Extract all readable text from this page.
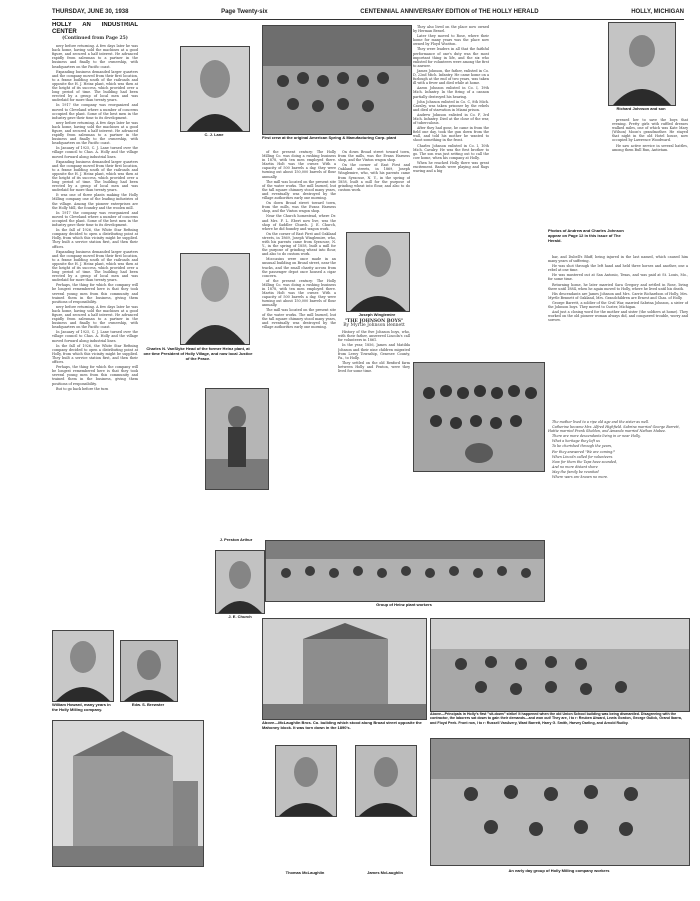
THURSDAY, JUNE 30, 1938	Page Twenty-six	CENTENNIAL ANNIVERSARY EDITION of THE HOLLY HERALD	HOLLY, MICHIGAN
HOLLY AN INDUSTRIAL CENTER
(Continued from Page 25)

nery before returning. A few days later he was back home, having sold the machines at a good figure, and secured a half interest. He advanced rapidly from salesman to a partner in the business and finally to the ownership, with headquarters on the Pacific coast.

Expanding business demanded larger quarters and the company moved from their first location, to a frame building south of the railroads and opposite the H. J. Heinz plant, which was then at the height of its success, which provided over a long period of time. The building had been erected by a group of local men and was underlaid for more than twenty years.

In 1917 the company was reorganized and moved to Cleveland where a number of concerns occupied the plant. Some of the best men in the industry gave their time to its development.

nery before returning. A few days later he was back home, having sold the machines at a good figure, and secured a half interest. He advanced rapidly from salesman to a partner in the business and finally to the ownership, with headquarters on the Pacific coast.

In January of 1925, C. J. Lane turned over the village council to Chas. A. Holly and the village moved forward along industrial lines.

Expanding business demanded larger quarters and the company moved from their first location, to a frame building south of the railroads and opposite the H. J. Heinz plant, which was then at the height of its success, which provided over a long period of time. The building had been erected by a group of local men and was underlaid for more than twenty years.

It was one of three plants making the Holly Milling company one of the leading industries of the village. Among the pioneer enterprises are the Holly Mill, the foundry and the woolen mill.

In 1917 the company was reorganized and moved to Cleveland where a number of concerns occupied the plant. Some of the best men in the industry gave their time to its development.

In the fall of 1926, the White Star Refining company decided to open a distributing point at Holly, from which this vicinity might be supplied. They built a service station first, and then their offices.

Expanding business demanded larger quarters and the company moved from their first location, to a frame building south of the railroads and opposite the H. J. Heinz plant, which was then at the height of its success, which provided over a long period of time. The building had been erected by a group of local men and was underlaid for more than twenty years.

Perhaps, the thing for which the company will be longest remembered here is that they took several young men from this community and trained them in the business, giving them positions of responsibility.

nery before returning. A few days later he was back home, having sold the machines at a good figure, and secured a half interest. He advanced rapidly from salesman to a partner in the business and finally to the ownership, with headquarters on the Pacific coast.

In January of 1925, C. J. Lane turned over the village council to Chas. A. Holly and the village moved forward along industrial lines.

In the fall of 1926, the White Star Refining company decided to open a distributing point at Holly, from which this vicinity might be supplied. They built a service station first, and then their offices.

Perhaps, the thing for which the company will be longest remembered here is that they took several young men from this community and trained them in the business, giving them positions of responsibility.

But to go back before the turn

C. J. Lane
Charles N. VanSlyke Head of the former Heinz plant, at one time President of Holly Village, and now local Justice of the Peace.
J. Preston Arthur
J. E. Church
William Howard, many years in the Holly Milling company.
Edw. S. Brewster
First crew at the original American Spring & Manufacturing Corp. plant

of the present century: The Holly Milling Co. was doing a rushing business in 1878, with ten men employed there. Martin Holt was the owner. With a capacity of 500 barrels a day, they were turning out about 150,000 barrels of flour annually.

The mill was located on the present site of the water works. The mill burned, but the tall square chimney stood many years, and eventually was destroyed by the village authorities early one morning.

On down Broad street toward town, from the mills, was the Evans Harness shop, and the Vinton wagon shop.

Near the Church homestead, where Dr. and Mrs. F. L. Ebert now live, was the shop of Saddler Church. J. E. Church, where he did foundry and wagon work.

On the corner of East First and Oakland streets, in 1869, Joseph Winglemire, who, with his parents came from Syracuse, N. Y., in the spring of 1858, built a mill for the purpose of grinding wheat into flour, and also to do custom work.

Moccasins were once made in an unusual building on Broad street, near the tracks, and the small charity across from the passenger depot once housed a cigar concern.

of the present century: The Holly Milling Co. was doing a rushing business in 1878, with ten men employed there. Martin Holt was the owner. With a capacity of 500 barrels a day, they were turning out about 150,000 barrels of flour annually.

The mill was located on the present site of the water works. The mill burned, but the tall square chimney stood many years, and eventually was destroyed by the village authorities early one morning.

On down Broad street toward town, from the mills, was the Evans Harness shop, and the Vinton wagon shop.

On the corner of East First and Oakland streets, in 1869, Joseph Winglemire, who, with his parents came from Syracuse, N. Y., in the spring of 1858, built a mill for the purpose of grinding wheat into flour, and also to do custom work.

Joseph Winglemire
"THE JOHNSON BOYS"
By Myrtle Johnson Bennett

History of the five Johnson boys, who, with their father, answered Lincoln's call for volunteers in 1861.

In the year, 1856, James and Matilda Johnson and their nine children migrated from Leroy Township, Genesee County, Pa., to Holly.

They settled on the old Rexford farm between Holly and Fenton, were they lived for some time.

They also lived on the place now owned by Herman Bessel.

Later they moved to Rose, where their home for many years was the place now owned by Floyd Wootton.

They were leaders in all that the faithful performance of one's duty was the most important thing in life, and the six who enlisted for volunteers were among the first to answer.

James Johnson, the father, enlisted in Co. D, 22nd Mich. Infantry. He came home on a furlough at the end of two years, was taken ill with a fever and died while at home.

Aaron Johnson enlisted in Co. I, 19th Mich. Infantry. In the firing of a cannon partially destroyed his hearing.

John Johnson enlisted in Co. C, 8th Mich. Cavalry, was taken prisoner by the rebels and died of starvation in Miami prison.

Andrew Johnson enlisted in Co. F, 3rd Mich. Infantry. Died at the close of the war, of tuberculosis.

After they had gone, he came in from the field one day, took the gun down from the wall, and told his mother he wanted to shoot something in the front.

Charles Johnson enlisted in Co. I, 10th Mich. Cavalry. He was the first brother to go. The son was just setting out to call the cow home, when his company at Holly.

When he reached Holly there was great excitement. Bands were playing and flags waving and a big

Group of Heinz plant workers
Above—McLaughlin Bros. Co. building which stood along Broad street opposite the Mahoney block. It was torn down in the 1890's.
Thomas McLaughlin	James McLaughlin
Richard Johnson and son

pressed her to save the boys that evening. Pretty girls with ruffled dresses walked miles, one of which was Kate Mary (Wilson) Moon's grandmother. He stayed that night in the old Hotel house, now occupied by Lawrence Woodward.

He saw active service in several battles, among them Bull Run, Antietam.

Photos of Andrew and Charles Johnson appear on Page 12 in this issue of The Herald.

bar, and Dubell's Bluff, being injured in the last named, which caused him many years of suffering.

He was shot through the left hand and held three horses and another, one a rebel at one time.

He was mustered out at San Antonio, Texas, and was paid at St. Louis, Mo., for some time.

Returning home, he later married Sara Gregory and settled in Rose, living there until 1884, when he again moved to Holly, where he lived until his death.

His descendants are James Johnson and Mrs. Carrie Richardson of Holly, Mrs. Myrtle Bennett of Oakland, Mrs. Grandchildren are Ernest and Chas. of Holly.

George Barrett, a soldier of the Civil War, married Sabrina Johnson, a sister of the Johnson boys. They moved to Custer, Michigan.

And just a closing word for the mother and sister (the soldiers at home). They worked on the old pioneer woman always did, and conquered trouble, worry and sorrow.

The mother lived to a ripe old age and the sister as well.

Catherine became Mrs. Alfred Highfield. Sabrina married George Barrett, Hattie married Frank Sheldon, and Amanda married Nathan Mabee.

There are more descendants living in or near Holly.

What a heritage they left us

To be cherished through the years,

For they answered "We are coming!"

When Lincoln called for volunteers.

Now for them the Taps have sounded,

And no more distant shore

May the family be reunited

Where wars are known no more.

Above—Principals in Holly's first "sit-down" strike! It happened when the old Union School building was being dismantled. Disagreeing with the contractor, the laborers sat down to gain their demands—and won out! They are, l to r: Reuben Alward, Lewis Gordon, George Gulick, Grand Ibarra, and Floyd Peek. Front row, l to r: Russell VanAvery, Ward Barrett, Harry G. Smith, Harvey Darling, and Arnold Rudby.
An early day group of Holly Milling company workers
